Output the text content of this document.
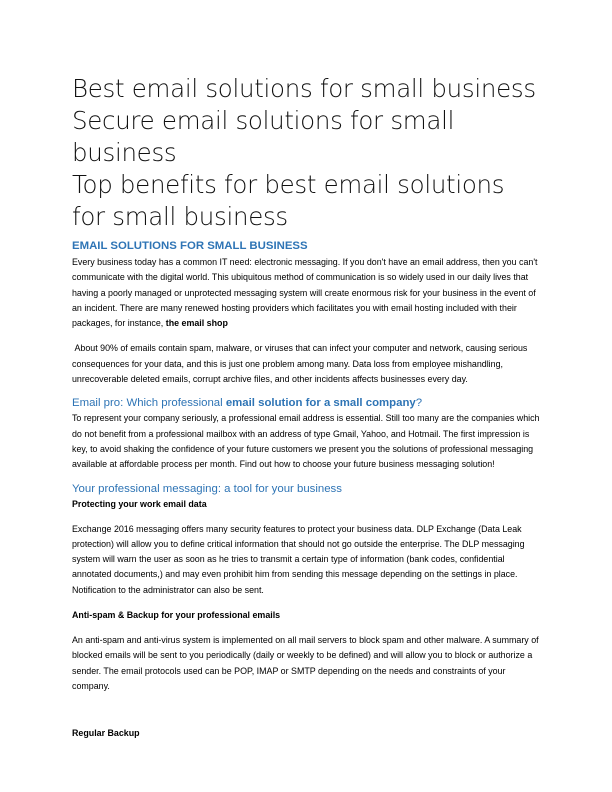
Best email solutions for small business
Secure email solutions for small business
Top benefits for best email solutions for small business
EMAIL SOLUTIONS FOR SMALL BUSINESS

Every business today has a common IT need: electronic messaging. If you don't have an email address, then you can't communicate with the digital world. This ubiquitous method of communication is so widely used in our daily lives that having a poorly managed or unprotected messaging system will create enormous risk for your business in the event of an incident. There are many renewed hosting providers which facilitates you with email hosting included with their packages, for instance, the email shop

About 90% of emails contain spam, malware, or viruses that can infect your computer and network, causing serious consequences for your data, and this is just one problem among many. Data loss from employee mishandling, unrecoverable deleted emails, corrupt archive files, and other incidents affects businesses every day.

Email pro: Which professional email solution for a small company?

To represent your company seriously, a professional email address is essential. Still too many are the companies which do not benefit from a professional mailbox with an address of type Gmail, Yahoo, and Hotmail. The first impression is key, to avoid shaking the confidence of your future customers we present you the solutions of professional messaging available at affordable process per month. Find out how to choose your future business messaging solution!

Your professional messaging: a tool for your business

Protecting your work email data

Exchange 2016 messaging offers many security features to protect your business data. DLP Exchange (Data Leak protection) will allow you to define critical information that should not go outside the enterprise. The DLP messaging system will warn the user as soon as he tries to transmit a certain type of information (bank codes, confidential annotated documents,) and may even prohibit him from sending this message depending on the settings in place. Notification to the administrator can also be sent.

Anti-spam & Backup for your professional emails

An anti-spam and anti-virus system is implemented on all mail servers to block spam and other malware. A summary of blocked emails will be sent to you periodically (daily or weekly to be defined) and will allow you to block or authorize a sender. The email protocols used can be POP, IMAP or SMTP depending on the needs and constraints of your company.

Regular Backup
